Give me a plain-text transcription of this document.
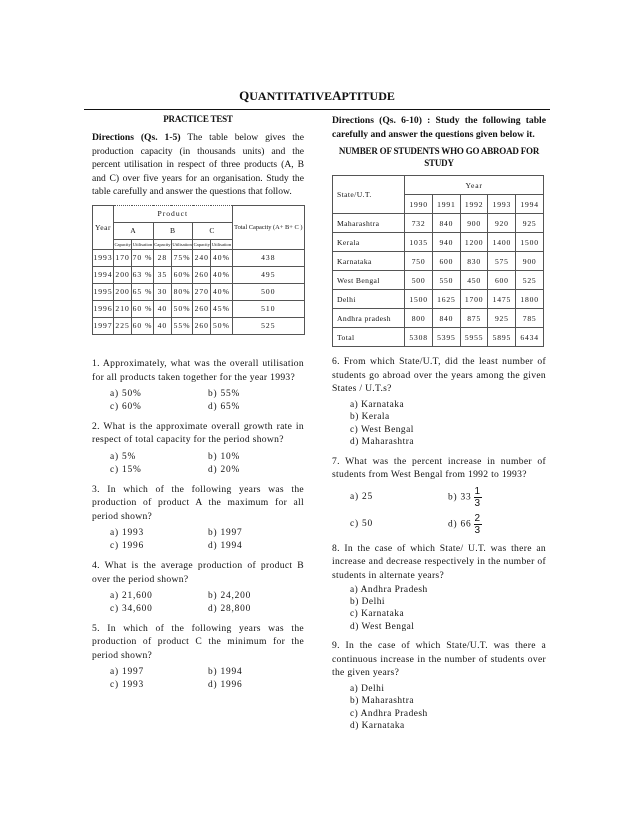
QUANTITATIVEAPTITUDE
PRACTICE TEST

Directions (Qs. 1-5) The table below gives the production capacity (in thousands units) and the percent utilisation in respect of three products (A, B and C) over five years for an organisation. Study the table carefully and answer the questions that follow.

Year	Product						Total Capacity (A+ B+ C )
	A		B		C		
	Capacity	Utilisation	Capacity	Utilisation	Capacity	Utilisation	
1993	170	70 %	28	75%	240	40%	438
1994	200	63 %	35	60%	260	40%	495
1995	200	65 %	30	80%	270	40%	500
1996	210	60 %	40	50%	260	45%	510
1997	225	60 %	40	55%	260	50%	525

1. Approximately, what was the overall utilisation for all products taken together for the year 1993?

a) 50%	b) 55%
c) 60%	d) 65%

2. What is the approximate overall growth rate in respect of total capacity for the period shown?

a) 5%	b) 10%
c) 15%	d) 20%

3. In which of the following years was the production of product A the maximum for all period shown?

a) 1993	b) 1997
c) 1996	d) 1994

4. What is the average production of product B over the period shown?

a) 21,600	b) 24,200
c) 34,600	d) 28,800

5. In which of the following years was the production of product C the minimum for the period shown?

a) 1997	b) 1994
c) 1993	d) 1996

Directions (Qs. 6-10) : Study the following table carefully and answer the questions given below it.

NUMBER OF STUDENTS WHO GO ABROAD FOR STUDY
State/U.T.	Year				
	1990	1991	1992	1993	1994
Maharashtra	732	840	900	920	925
Kerala	1035	940	1200	1400	1500
Karnataka	750	600	830	575	900
West Bengal	500	550	450	600	525
Delhi	1500	1625	1700	1475	1800
Andhra pradesh	800	840	875	925	785
Total	5308	5395	5955	5895	6434

6. From which State/U.T, did the least number of students go abroad over the years among the given States / U.T.s?

a) Karnataka
b) Kerala
c) West Bengal
d) Maharashtra

7. What was the percent increase in number of students from West Bengal from 1992 to 1993?

a) 25	b) $33 \frac{1}{3}$
c) 50	d) $66 \frac{2}{3}$

8. In the case of which State/ U.T. was there an increase and decrease respectively in the number of students in alternate years?

a) Andhra Pradesh
b) Delhi
c) Karnataka
d) West Bengal

9. In the case of which State/U.T. was there a continuous increase in the number of students over the given years?

a) Delhi
b) Maharashtra
c) Andhra Pradesh
d) Karnataka
